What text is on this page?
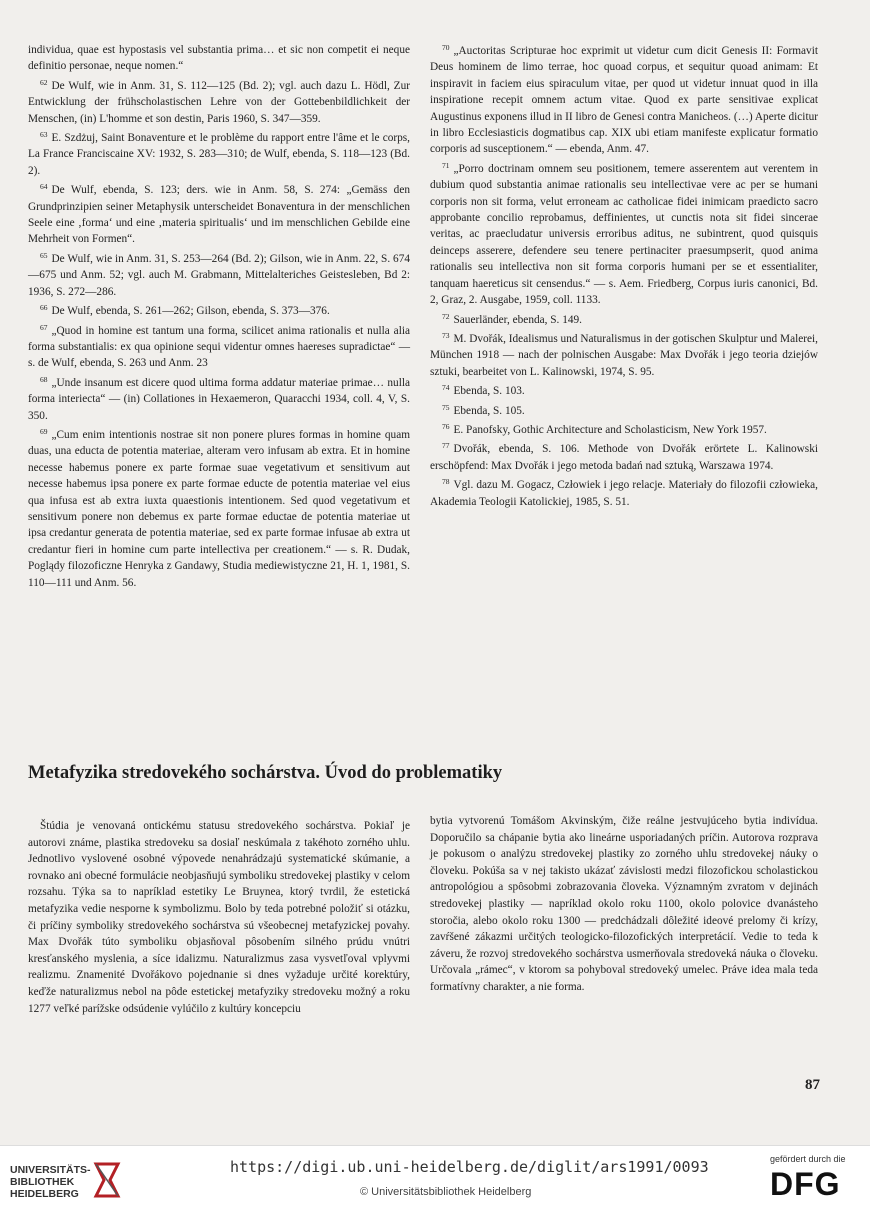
individua, quae est hypostasis vel substantia prima… et sic non competit ei neque definitio personae, neque nomen.“

$^{62}$ De Wulf, wie in Anm. 31, S. 112—125 (Bd. 2); vgl. auch dazu L. Hödl, Zur Entwicklung der frühscholastischen Lehre von der Gottebenbildlichkeit der Menschen, (in) L'homme et son destin, Paris 1960, S. 347—359.

$^{63}$ E. Szdżuj, Saint Bonaventure et le problème du rapport entre l'âme et le corps, La France Franciscaine XV: 1932, S. 283—310; de Wulf, ebenda, S. 118—123 (Bd. 2).

$^{64}$ De Wulf, ebenda, S. 123; ders. wie in Anm. 58, S. 274: „Gemäss den Grundprinzipien seiner Metaphysik unterscheidet Bonaventura in der menschlichen Seele eine ‚forma‘ und eine ‚materia spiritualis‘ und im menschlichen Gebilde eine Mehrheit von Formen“.

$^{65}$ De Wulf, wie in Anm. 31, S. 253—264 (Bd. 2); Gilson, wie in Anm. 22, S. 674—675 und Anm. 52; vgl. auch M. Grabmann, Mittelalteriches Geistesleben, Bd 2: 1936, S. 272—286.

$^{66}$ De Wulf, ebenda, S. 261—262; Gilson, ebenda, S. 373—376.

$^{67}$ „Quod in homine est tantum una forma, scilicet anima rationalis et nulla alia forma substantialis: ex qua opinione sequi videntur omnes haereses supradictae“ — s. de Wulf, ebenda, S. 263 und Anm. 23

$^{68}$ „Unde insanum est dicere quod ultima forma addatur materiae primae… nulla forma interiecta“ — (in) Collationes in Hexaemeron, Quaracchi 1934, coll. 4, V, S. 350.

$^{69}$ „Cum enim intentionis nostrae sit non ponere plures formas in homine quam duas, una educta de potentia materiae, alteram vero infusam ab extra. Et in homine necesse habemus ponere ex parte formae suae vegetativum et sensitivum aut necesse habemus ipsa ponere ex parte formae educte de potentia materiae vel eius qua infusa est ab extra iuxta quaestionis intentionem. Sed quod vegetativum et sensitivum ponere non debemus ex parte formae eductae de potentia materiae ut ipsa credantur generata de potentia materiae, sed ex parte formae infusae ab extra ut credantur fieri in homine cum parte intellectiva per creationem.“ — s. R. Dudak, Poglądy filozoficzne Henryka z Gandawy, Studia mediewistyczne 21, H. 1, 1981, S. 110—111 und Anm. 56.

$^{70}$ „Auctoritas Scripturae hoc exprimit ut videtur cum dicit Genesis II: Formavit Deus hominem de limo terrae, hoc quoad corpus, et sequitur quoad animam: Et inspiravit in faciem eius spiraculum vitae, per quod ut videtur innuat quod in illa inspiratione recepit omnem actum vitae. Quod ex parte sensitivae explicat Augustinus exponens illud in II libro de Genesi contra Manicheos. (…) Aperte dicitur in libro Ecclesiasticis dogmatibus cap. XIX ubi etiam manifeste explicatur formatio corporis ad susceptionem.“ — ebenda, Anm. 47.

$^{71}$ „Porro doctrinam omnem seu positionem, temere asserentem aut verentem in dubium quod substantia animae rationalis seu intellectivae vere ac per se humani corporis non sit forma, velut erroneam ac catholicae fidei inimicam praedicto sacro approbante concilio reprobamus, deffinientes, ut cunctis nota sit fidei sincerae veritas, ac praecludatur universis erroribus aditus, ne subintrent, quod quisquis deinceps asserere, defendere seu tenere pertinaciter praesumpserit, quod anima rationalis seu intellectiva non sit forma corporis humani per se et essentialiter, tanquam haereticus sit censendus.“ — s. Aem. Friedberg, Corpus iuris canonici, Bd. 2, Graz, 2. Ausgabe, 1959, coll. 1133.

$^{72}$ Sauerländer, ebenda, S. 149.

$^{73}$ M. Dvořák, Idealismus und Naturalismus in der gotischen Skulptur und Malerei, München 1918 — nach der polnischen Ausgabe: Max Dvořák i jego teoria dziejów sztuki, bearbeitet von L. Kalinowski, 1974, S. 95.

$^{74}$ Ebenda, S. 103.

$^{75}$ Ebenda, S. 105.

$^{76}$ E. Panofsky, Gothic Architecture and Scholasticism, New York 1957.

$^{77}$ Dvořák, ebenda, S. 106. Methode von Dvořák erörtete L. Kalinowski erschöpfend: Max Dvořák i jego metoda badań nad sztuką, Warszawa 1974.

$^{78}$ Vgl. dazu M. Gogacz, Człowiek i jego relacje. Materiały do filozofii człowieka, Akademia Teologii Katolickiej, 1985, S. 51.

Metafyzika stredovekého sochárstva. Úvod do problematiky

Štúdia je venovaná ontickému statusu stredovekého sochárstva. Pokiaľ je autorovi známe, plastika stredoveku sa dosiaľ neskúmala z takéhoto zorného uhlu. Jednotlivo vyslovené osobné výpovede nenahrádzajú systematické skúmanie, a rovnako ani obecné formulácie neobjasňujú symboliku stredovekej plastiky v celom rozsahu. Týka sa to napríklad estetiky Le Bruynea, ktorý tvrdil, že estetická metafyzika vedie nesporne k symbolizmu. Bolo by teda potrebné položiť si otázku, či príčiny symboliky stredovekého sochárstva sú všeobecnej metafyzickej povahy. Max Dvořák túto symboliku objasňoval pôsobením silného prúdu vnútri kresťanského myslenia, a síce idalizmu. Naturalizmus zasa vysvetľoval vplyvmi realizmu. Znamenité Dvořákovo pojednanie si dnes vyžaduje určité korektúry, keďže naturalizmus nebol na pôde estetickej metafyziky stredoveku možný a roku 1277 veľké parížske odsúdenie vylúčilo z kultúry koncepciu

bytia vytvorenú Tomášom Akvinským, čiže reálne jestvujúceho bytia indivídua. Doporučilo sa chápanie bytia ako lineárne usporiadaných príčin. Autorova rozprava je pokusom o analýzu stredovekej plastiky zo zorného uhlu stredovekej náuky o človeku. Pokúša sa v nej takisto ukázať závislosti medzi filozofickou scholastickou antropológiou a spôsobmi zobrazovania človeka. Významným zvratom v dejinách stredovekej plastiky — napríklad okolo roku 1100, okolo polovice dvanásteho storočia, alebo okolo roku 1300 — predchádzali dôležité ideové prelomy či krízy, zavŕšené zákazmi určitých teologicko-filozofických interpretácií. Vedie to teda k záveru, že rozvoj stredovekého sochárstva usmerňovala stredoveká náuka o človeku. Určovala „rámec“, v ktorom sa pohyboval stredoveký umelec. Práve idea mala teda formatívny charakter, a nie forma.

87
UNIVERSITÄTS-
BIBLIOTHEK
HEIDELBERG
https://digi.ub.uni-heidelberg.de/diglit/ars1991/0093
© Universitätsbibliothek Heidelberg
gefördert durch die
DFG
